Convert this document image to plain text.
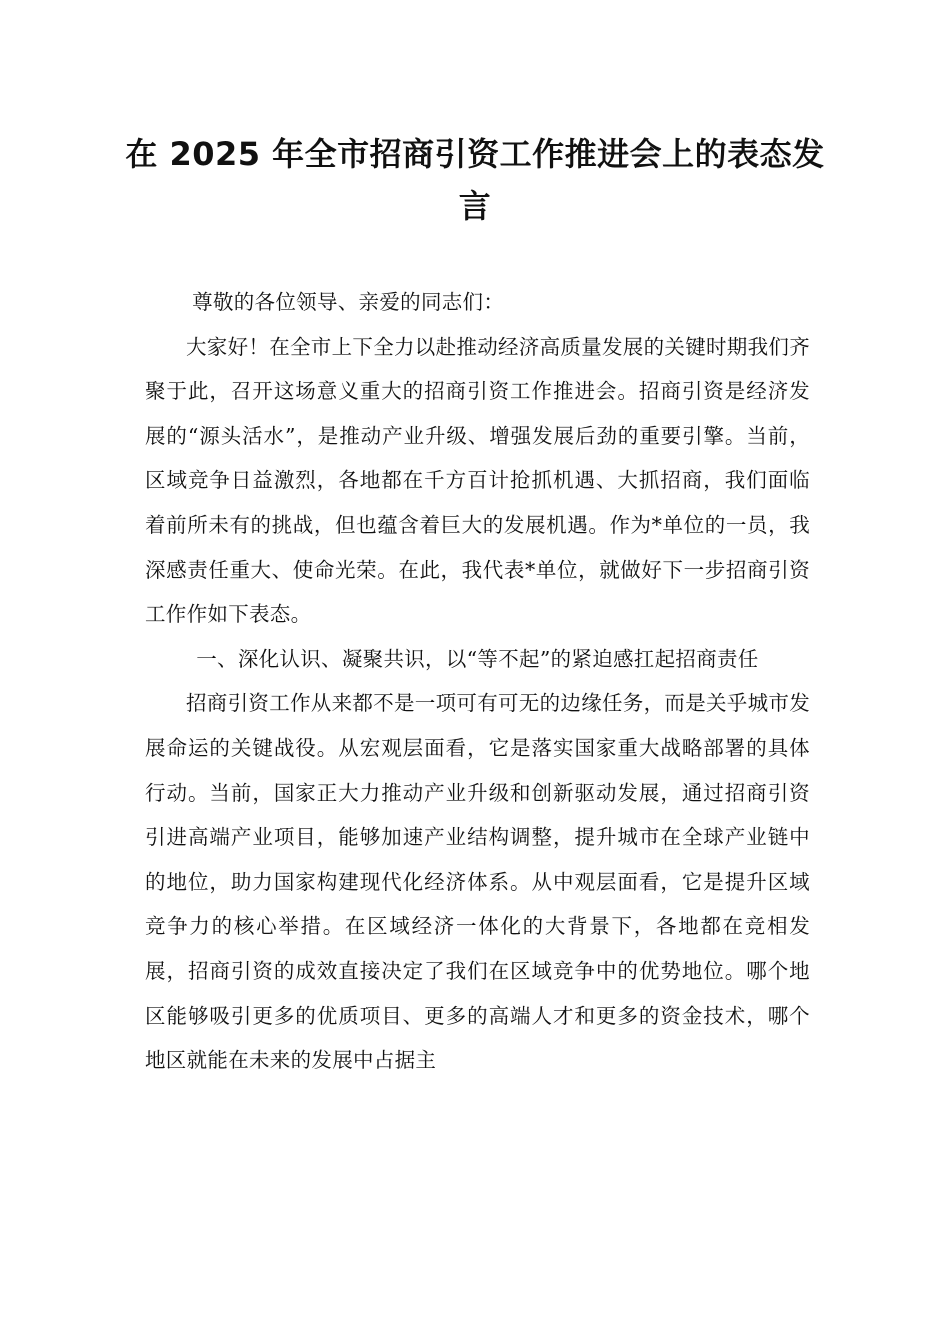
在 2025 年全市招商引资工作推进会上的表态发言

尊敬的各位领导、亲爱的同志们：

大家好！在全市上下全力以赴推动经济高质量发展的关键时期我们齐聚于此，召开这场意义重大的招商引资工作推进会。招商引资是经济发展的“源头活水”，是推动产业升级、增强发展后劲的重要引擎。当前，区域竞争日益激烈，各地都在千方百计抢抓机遇、大抓招商，我们面临着前所未有的挑战，但也蕴含着巨大的发展机遇。作为*单位的一员，我深感责任重大、使命光荣。在此，我代表*单位，就做好下一步招商引资工作作如下表态。

一、深化认识、凝聚共识，以“等不起”的紧迫感扛起招商责任

招商引资工作从来都不是一项可有可无的边缘任务，而是关乎城市发展命运的关键战役。从宏观层面看，它是落实国家重大战略部署的具体行动。当前，国家正大力推动产业升级和创新驱动发展，通过招商引资引进高端产业项目，能够加速产业结构调整，提升城市在全球产业链中的地位，助力国家构建现代化经济体系。从中观层面看，它是提升区域竞争力的核心举措。在区域经济一体化的大背景下，各地都在竞相发展，招商引资的成效直接决定了我们在区域竞争中的优势地位。哪个地区能够吸引更多的优质项目、更多的高端人才和更多的资金技术，哪个地区就能在未来的发展中占据主
